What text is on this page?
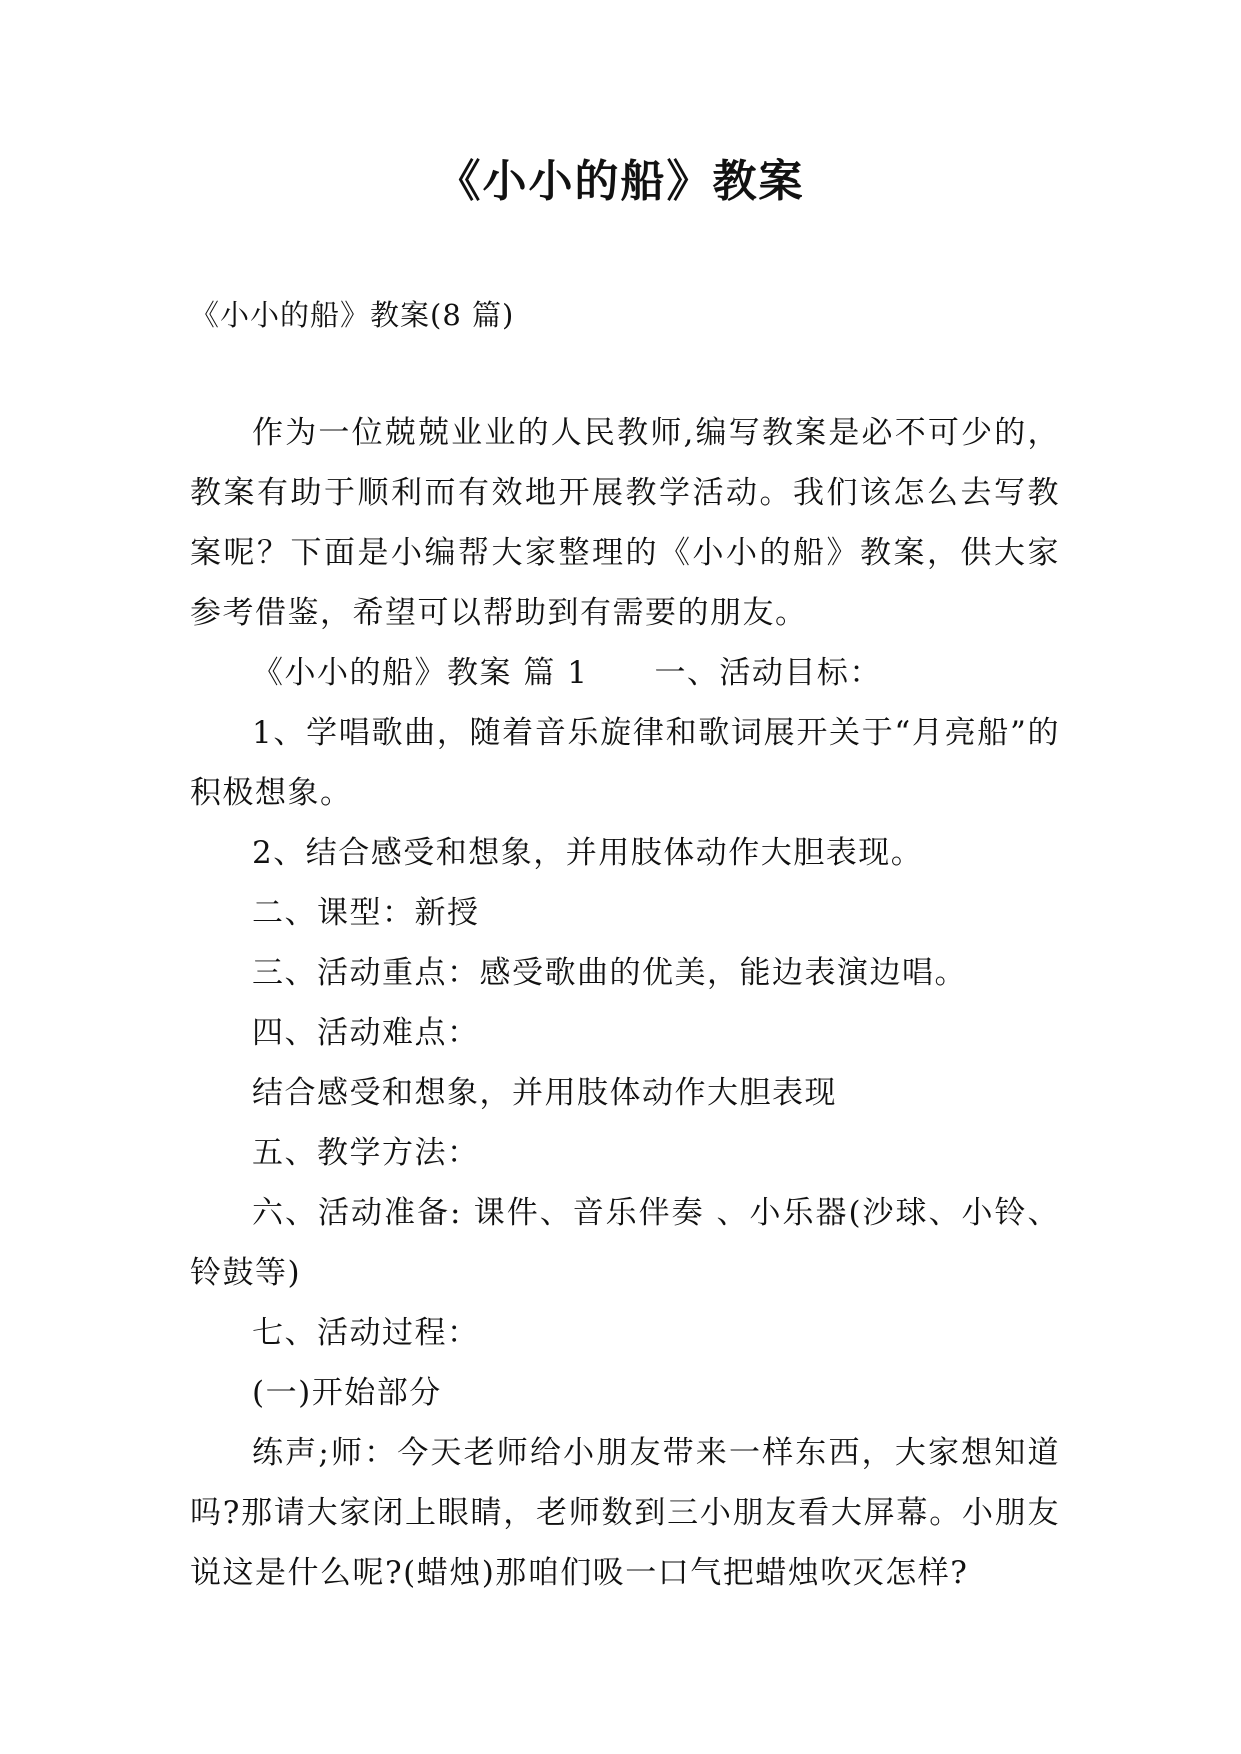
《小小的船》教案

《小小的船》教案(8 篇)

作为一位兢兢业业的人民教师,编写教案是必不可少的，教案有助于顺利而有效地开展教学活动。我们该怎么去写教案呢？下面是小编帮大家整理的《小小的船》教案，供大家参考借鉴，希望可以帮助到有需要的朋友。

《小小的船》教案 篇 1 一、活动目标：

1、学唱歌曲，随着音乐旋律和歌词展开关于“月亮船”的积极想象。

2、结合感受和想象，并用肢体动作大胆表现。

二、课型：新授

三、活动重点：感受歌曲的优美，能边表演边唱。

四、活动难点：

结合感受和想象，并用肢体动作大胆表现

五、教学方法：

六、活动准备: 课件、音乐伴奏 、小乐器(沙球、小铃、铃鼓等)

七、活动过程：

(一)开始部分

练声;师：今天老师给小朋友带来一样东西，大家想知道吗?那请大家闭上眼睛，老师数到三小朋友看大屏幕。小朋友说这是什么呢?(蜡烛)那咱们吸一口气把蜡烛吹灭怎样?
